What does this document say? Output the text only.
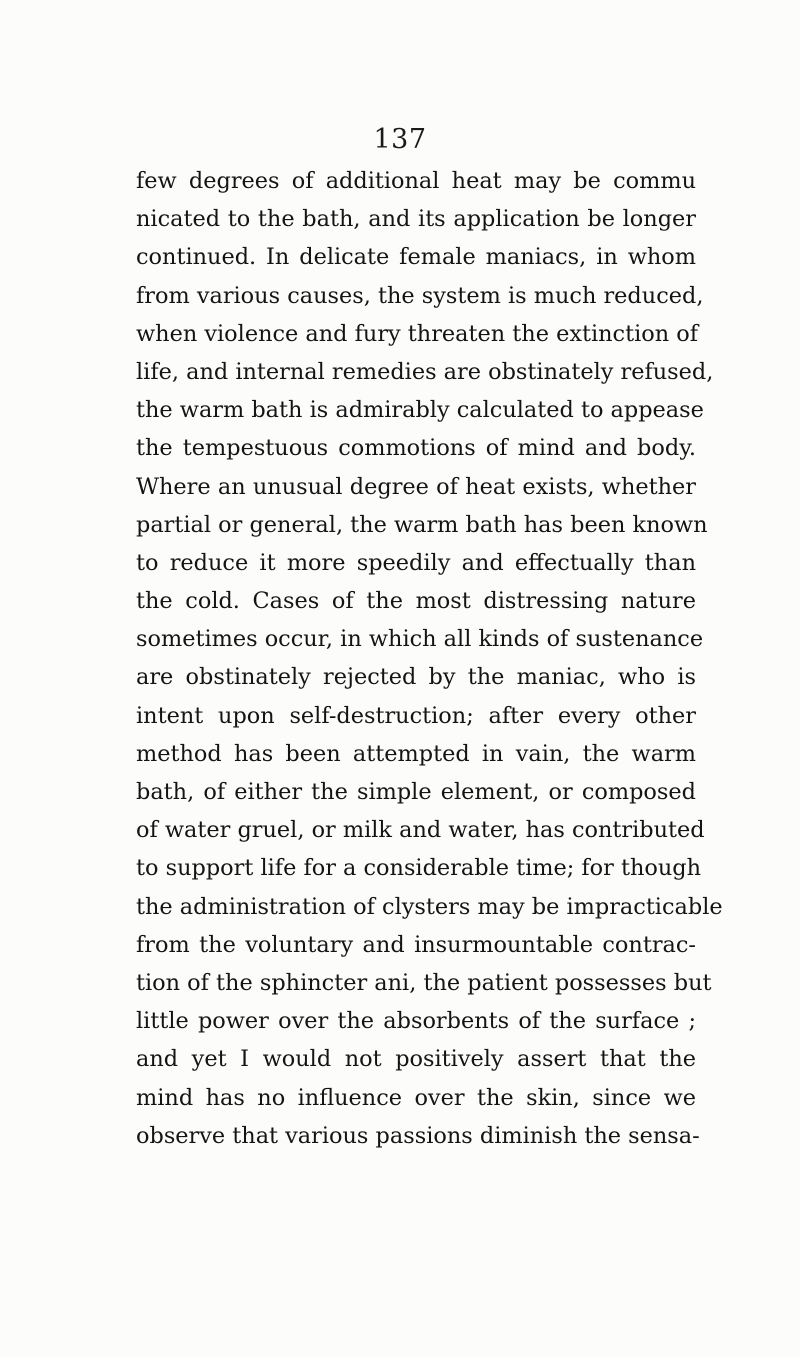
137
few degrees of additional heat may be commu
nicated to the bath, and its application be longer
continued. In delicate female maniacs, in whom
from various causes, the system is much reduced,
when violence and fury threaten the extinction of
life, and internal remedies are obstinately refused,
the warm bath is admirably calculated to appease
the tempestuous commotions of mind and body.
Where an unusual degree of heat exists, whether
partial or general, the warm bath has been known
to reduce it more speedily and effectually than
the cold. Cases of the most distressing nature
sometimes occur, in which all kinds of sustenance
are obstinately rejected by the maniac, who is
intent upon self-destruction; after every other
method has been attempted in vain, the warm
bath, of either the simple element, or composed
of water gruel, or milk and water, has contributed
to support life for a considerable time; for though
the administration of clysters may be impracticable
from the voluntary and insurmountable contrac-
tion of the sphincter ani, the patient possesses but
little power over the absorbents of the surface ;
and yet I would not positively assert that the
mind has no influence over the skin, since we
observe that various passions diminish the sensa-
